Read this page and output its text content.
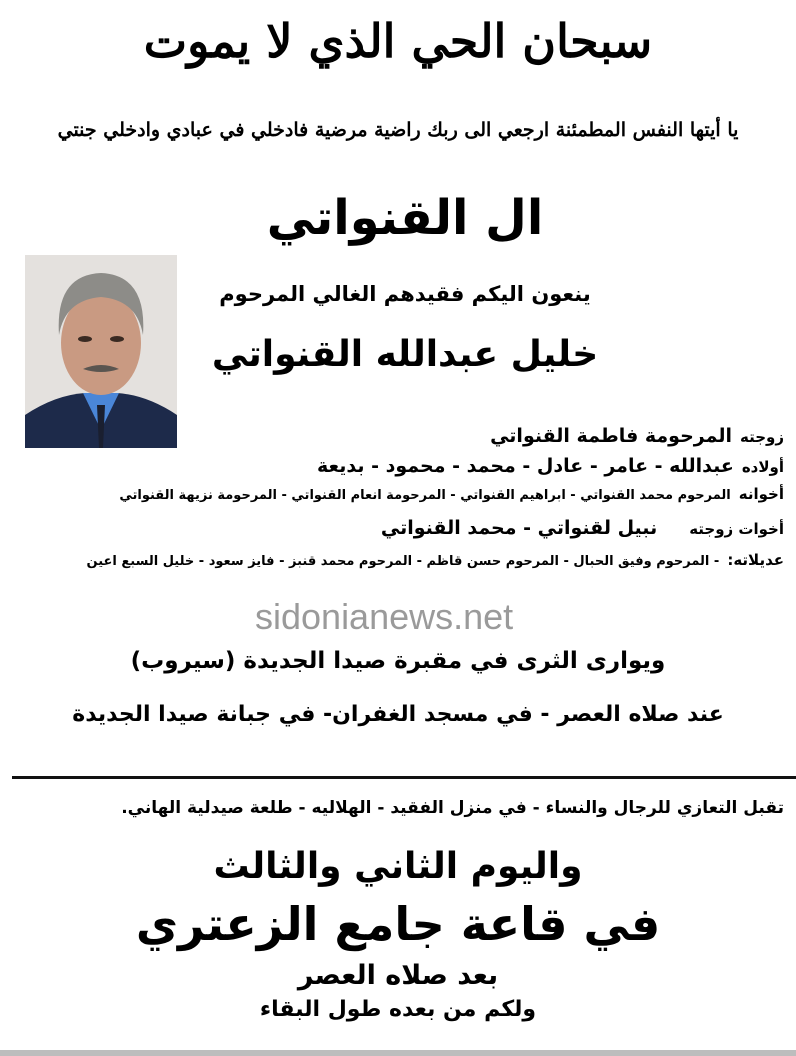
سبحان الحي الذي لا يموت
يا أيتها النفس المطمئنة ارجعي الى ربك راضية مرضية فادخلي في عبادي وادخلي جنتي
ال القنواتي
ينعون اليكم فقيدهم الغالي المرحوم
خليل عبدالله القنواتي
زوجته
المرحومة فاطمة القنواتي
أولاده
عبدالله - عامر - عادل - محمد - محمود - بديعة
أخوانه
المرحوم محمد القنواتي - ابراهيم القنواتي - المرحومة انعام القنواتي - المرحومة نزيهة القنواتي
أخوات زوجته
نبيل لقنواتي - محمد القنواتي
عديلاته:
- المرحوم وفيق الحبال - المرحوم حسن قاظم - المرحوم محمد قنبز - فايز سعود - خليل السبع اعين
sidonianews.net
ويوارى الثرى في مقبرة صيدا الجديدة (سيروب)
عند صلاه العصر - في مسجد الغفران- في جبانة صيدا الجديدة
تقبل التعازي للرجال والنساء - في منزل الفقيد - الهلاليه - طلعة صيدلية الهاني.
واليوم الثاني والثالث
في قاعة جامع الزعتري
بعد صلاه العصر
ولكم من بعده طول البقاء
